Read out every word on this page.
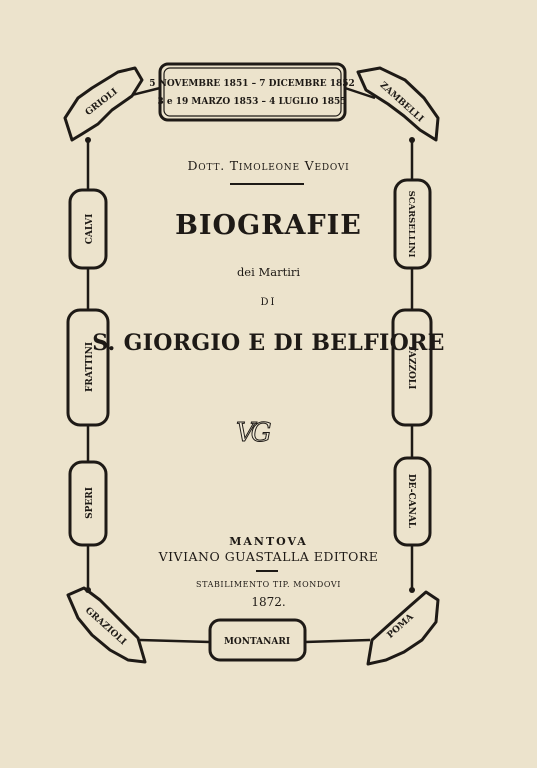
5 NOVEMBRE 1851 – 7 DICEMBRE 1852
3 e 19 MARZO 1853 – 4 LUGLIO 1855
GRIOLI	ZAMBELLI
CALVI
FRATTINI
SPERI
SCARSELLINI
TAZZOLI
DE-CANAL
GRAZIOLI	MONTANARI
POMA
Dott. Timoleone Vedovi
BIOGRAFIE
dei Martiri
DI
S. GIORGIO E DI BELFIORE
VG
MANTOVA
VIVIANO GUASTALLA EDITORE
STABILIMENTO TIP. MONDOVI
1872.
